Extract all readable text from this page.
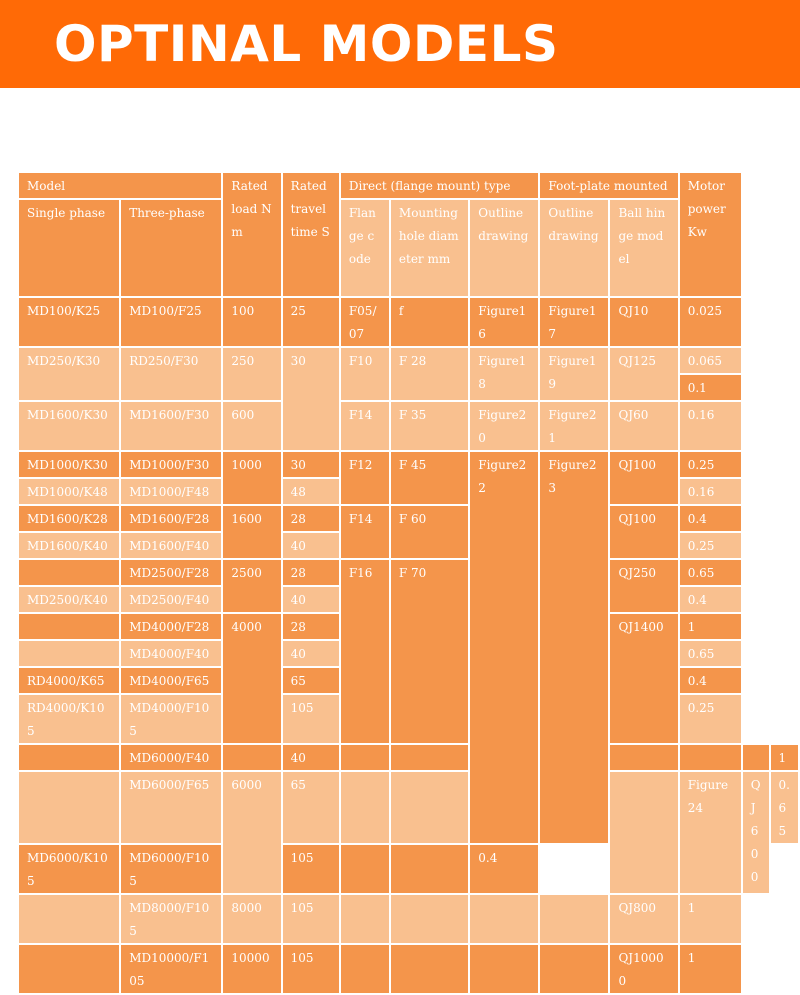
OPTINAL MODELS
Model		Rated load Nm	Rated travel time S	Direct (flange mount) type			Foot-plate mounted		Motor power Kw		
Single phase	Three-phase			Flange code	Mounting hole diameter mm	Outline drawing	Outline drawing	Ball hinge model			
MD100/K25	MD100/F25	100	25	F05/07	f	Figure16	Figure17	QJ10	0.025		
MD250/K30	RD250/F30	250	30	F10	F 28	Figure18	Figure19	QJ125	0.065		
									0.1		
MD1600/K30	MD1600/F30	600		F14	F 35	Figure20	Figure21	QJ60	0.16		
MD1000/K30	MD1000/F30	1000	30	F12	F 45	Figure22	Figure23	QJ100	0.25		
MD1000/K48	MD1000/F48		48						0.16		
MD1600/K28	MD1600/F28	1600	28	F14	F 60			QJ100	0.4		
MD1600/K40	MD1600/F40		40						0.25		
	MD2500/F28	2500	28	F16	F 70			QJ250	0.65		
MD2500/K40	MD2500/F40		40						0.4		
	MD4000/F28	4000	28					QJ1400	1		
	MD4000/F40		40						0.65		
RD4000/K65	MD4000/F65		65						0.4		
RD4000/K105	MD4000/F105		105						0.25		
	MD6000/F40		40								1
	MD6000/F65	6000	65						Figure24	QJ600	0.65
MD6000/K105	MD6000/F105		105			0.4					
	MD8000/F105	8000	105					QJ800	1		
	MD10000/F105	10000	105					QJ10000	1		
